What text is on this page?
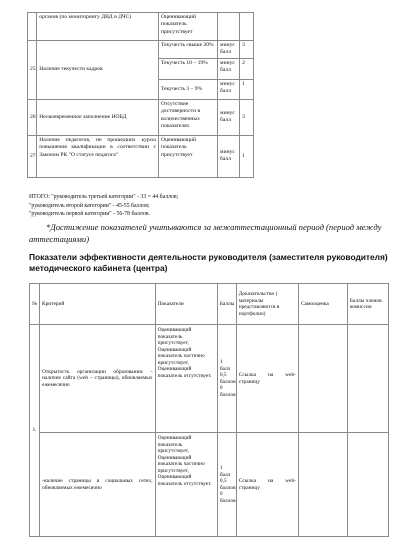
	органов (по мониторингу ДВД и ДЧС)	Оценивающий показатель присутствует		
25	Наличие текучести кадров	Текучесть свыше 20%	минус балл	3
		Текучесть 10 – 19%	минус балл	2
		Текучесть 3 – 9%	минус балл	1
26	Несвоевременное заполнение НОБД	Отсутствие достоверности в количественных показателях	минус балл	3
27	Наличие педагогов, не прошедших курсы повышения квалификации в соответствии с Законом РК "О статусе педагога"	Оценивающий показатель присутствует	минус балл	1
ИТОГО: "руководитель третьей категории" - 33 = 44 баллов;
"руководитель второй категории" - 45-55 баллов;
"руководитель первой категории" - 56-78 баллов.
*Достижение показателей учитываются за межаттестационный период (период между аттестациями)
Показатели эффективности деятельности руководителя (заместителя руководителя) методического кабинета (центра)
№	Критерий	Показатели	Баллы	Доказательство ( материалы представляются в портфолио)	Самооценка	Баллы членов комиссии
1.	Открытость организации образования: - наличие сайта (web – страницы), обновляемых ежемесячно	Оценивающий показатель присутствует, Оценивающий показатель частично присутствует, Оценивающий показатель отсутствует.	1 балл 0,5 баллов 0 баллов	Ссылка на web-страницу		
	-наличие страницы в социальных сетях, обновляемых ежемесячно	Оценивающий показатель присутствует, Оценивающий показатель частично присутствует, Оценивающий показатель отсутствует.	1 балл 0,5 баллов 0 баллов	Ссылка на web-страницу		
